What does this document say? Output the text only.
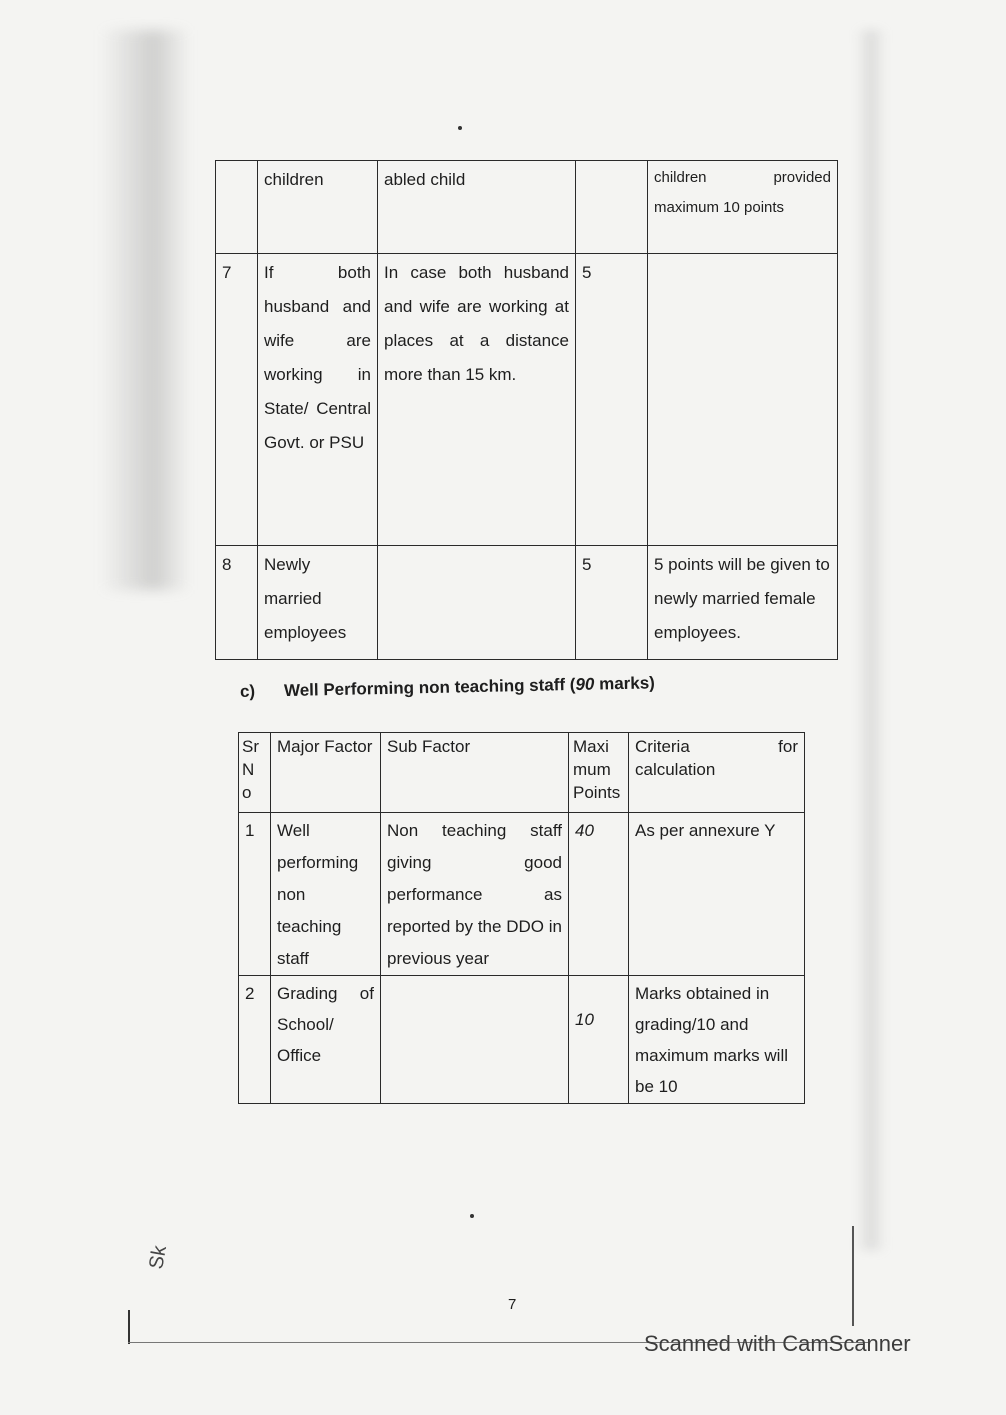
	children	abled child		children provided maximum 10 points

7	If both husband and wife are working in State/ Central Govt. or PSU	In case both husband and wife are working at places at a distance more than 15 km.	5	

8	Newly married employees		5	5 points will be given to newly married female employees.
c) Well Performing non teaching staff (90 marks)
Sr N o	Major Factor	Sub Factor	Maxi mum Points	Criteria for calculation

1	Well performing non teaching staff	Non teaching staff giving good performance as reported by the DDO in previous year	40	As per annexure Y

2	Grading of School/ Office		10	Marks obtained in grading/10 and maximum marks will be 10
Sk
7
Scanned with CamScanner
